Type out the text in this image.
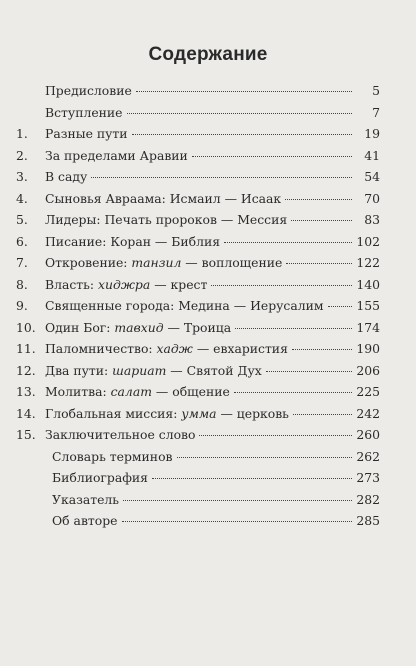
Содержание
Предисловие	5
Вступление	7
1.	Разные пути	19
2.	За пределами Аравии	41
3.	В саду	54
4.	Сыновья Авраама: Исмаил — Исаак	70
5.	Лидеры: Печать пророков — Мессия	83
6.	Писание: Коран — Библия	102
7.	Откровение: танзил — воплощение	122
8.	Власть: хиджра — крест	140
9.	Священные города: Медина — Иерусалим	155
10. Один Бог: тавхид — Троица	174
11. Паломничество: хадж — евхаристия	190
12. Два пути: шариат — Святой Дух	206
13. Молитва: салат — общение	225
14. Глобальная миссия: умма — церковь	242
15. Заключительное слово	260
Словарь терминов	262
Библиография	273
Указатель	282
Об авторе	285
